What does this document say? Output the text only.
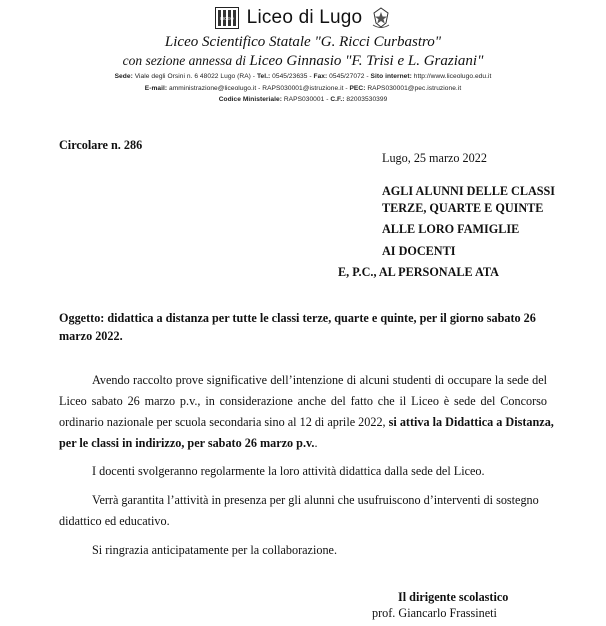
LICEO Liceo di Lugo
Liceo Scientifico Statale "G. Ricci Curbastro"
con sezione annessa di Liceo Ginnasio "F. Trisi e L. Graziani"
Sede: Viale degli Orsini n. 6 48022 Lugo (RA) - Tel.: 0545/23635 - Fax: 0545/27072 - Sito internet: http://www.liceolugo.edu.it
E-mail: amministrazione@liceolugo.it - RAPS030001@istruzione.it - PEC: RAPS030001@pec.istruzione.it
Codice Ministeriale: RAPS030001 - C.F.: 82003530399
Circolare n. 286
Lugo, 25 marzo 2022
AGLI ALUNNI DELLE CLASSI
TERZE, QUARTE E QUINTE
ALLE LORO FAMIGLIE
AI DOCENTI
E, P.C., AL PERSONALE ATA
Oggetto: didattica a distanza per tutte le classi terze, quarte e quinte, per il giorno sabato 26
marzo 2022.
Avendo raccolto prove significative dell’intenzione di alcuni studenti di occupare la sede del
Liceo sabato 26 marzo p.v., in considerazione anche del fatto che il Liceo è sede del Concorso
ordinario nazionale per scuola secondaria sino al 12 di aprile 2022, si attiva la Didattica a Distanza,
per le classi in indirizzo, per sabato 26 marzo p.v..
I docenti svolgeranno regolarmente la loro attività didattica dalla sede del Liceo.
Verrà garantita l’attività in presenza per gli alunni che usufruiscono d’interventi di sostegno
didattico ed educativo.
Si ringrazia anticipatamente per la collaborazione.
Il dirigente scolastico
prof. Giancarlo Frassineti
